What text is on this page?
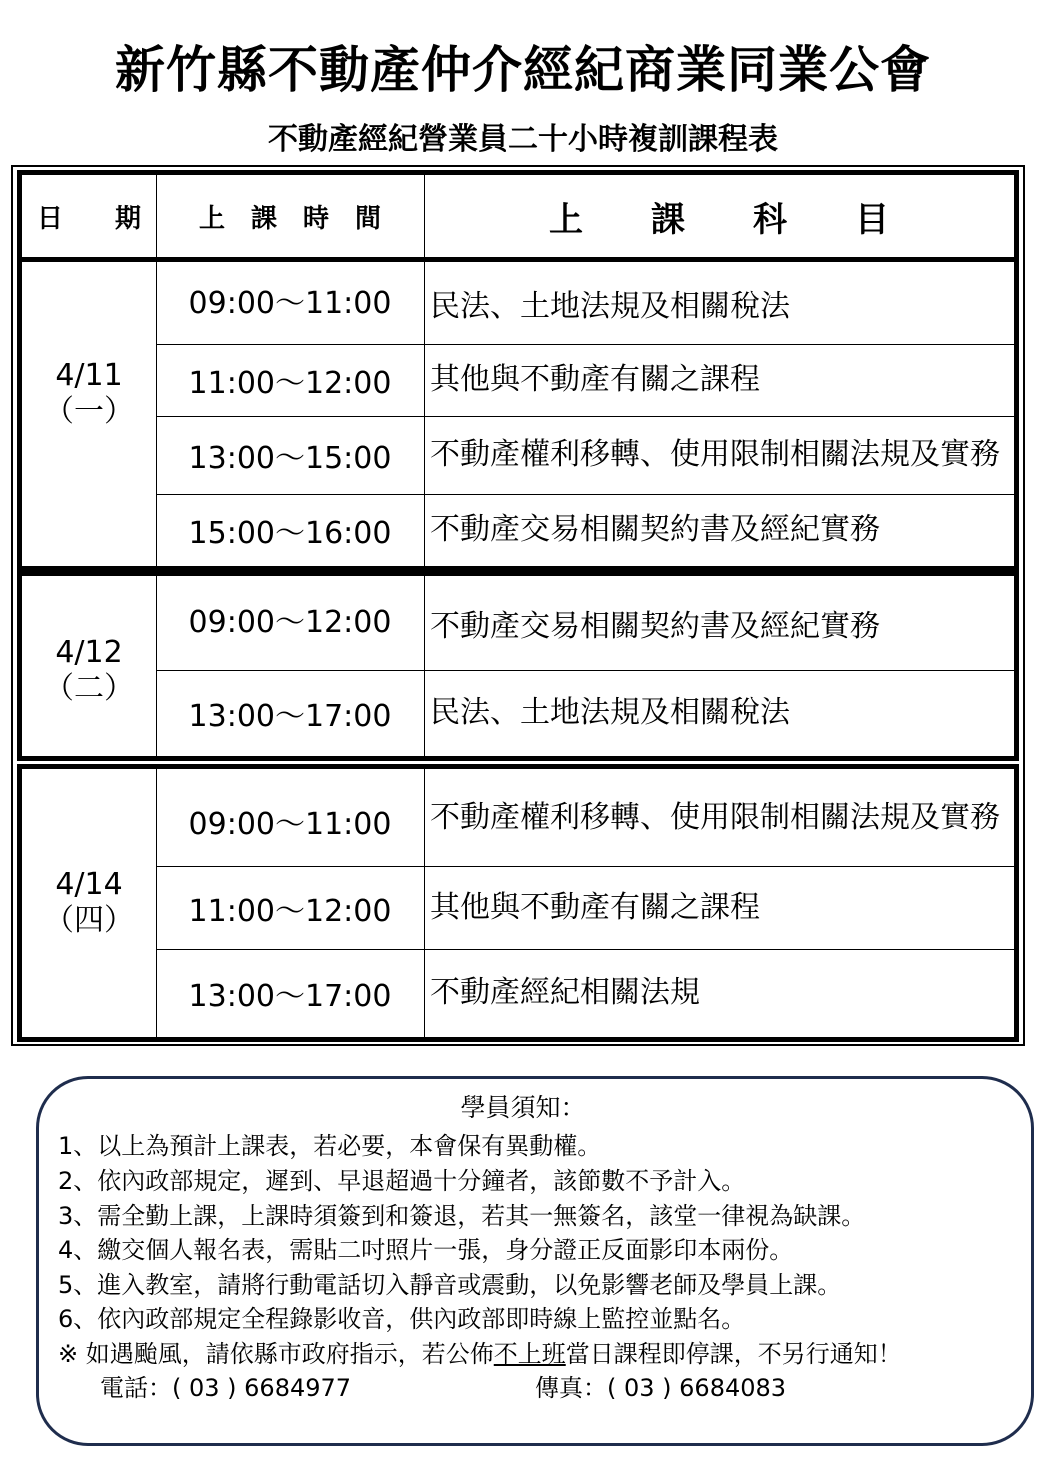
新竹縣不動產仲介經紀商業同業公會
不動產經紀營業員二十小時複訓課程表
日　　期	上　課　時　間	上　　課　　科　　目
4/11
（一）
09:00～11:00	民法、土地法規及相關稅法
11:00～12:00	其他與不動產有關之課程
13:00～15:00	不動產權利移轉、使用限制相關法規及實務
15:00～16:00	不動產交易相關契約書及經紀實務
4/12
（二）
09:00～12:00	不動產交易相關契約書及經紀實務
13:00～17:00	民法、土地法規及相關稅法
4/14
（四）
09:00～11:00	不動產權利移轉、使用限制相關法規及實務
11:00～12:00	其他與不動產有關之課程
13:00～17:00	不動產經紀相關法規
學員須知：
1、以上為預計上課表，若必要，本會保有異動權。
2、依內政部規定，遲到、早退超過十分鐘者，該節數不予計入。
3、需全勤上課，上課時須簽到和簽退，若其一無簽名，該堂一律視為缺課。
4、繳交個人報名表，需貼二吋照片一張，身分證正反面影印本兩份。
5、進入教室，請將行動電話切入靜音或震動，以免影響老師及學員上課。
6、依內政部規定全程錄影收音，供內政部即時線上監控並點名。
※ 如遇颱風，請依縣市政府指示，若公佈不上班當日課程即停課，不另行通知！
電話：( 03 ) 6684977	傳真：( 03 ) 6684083
